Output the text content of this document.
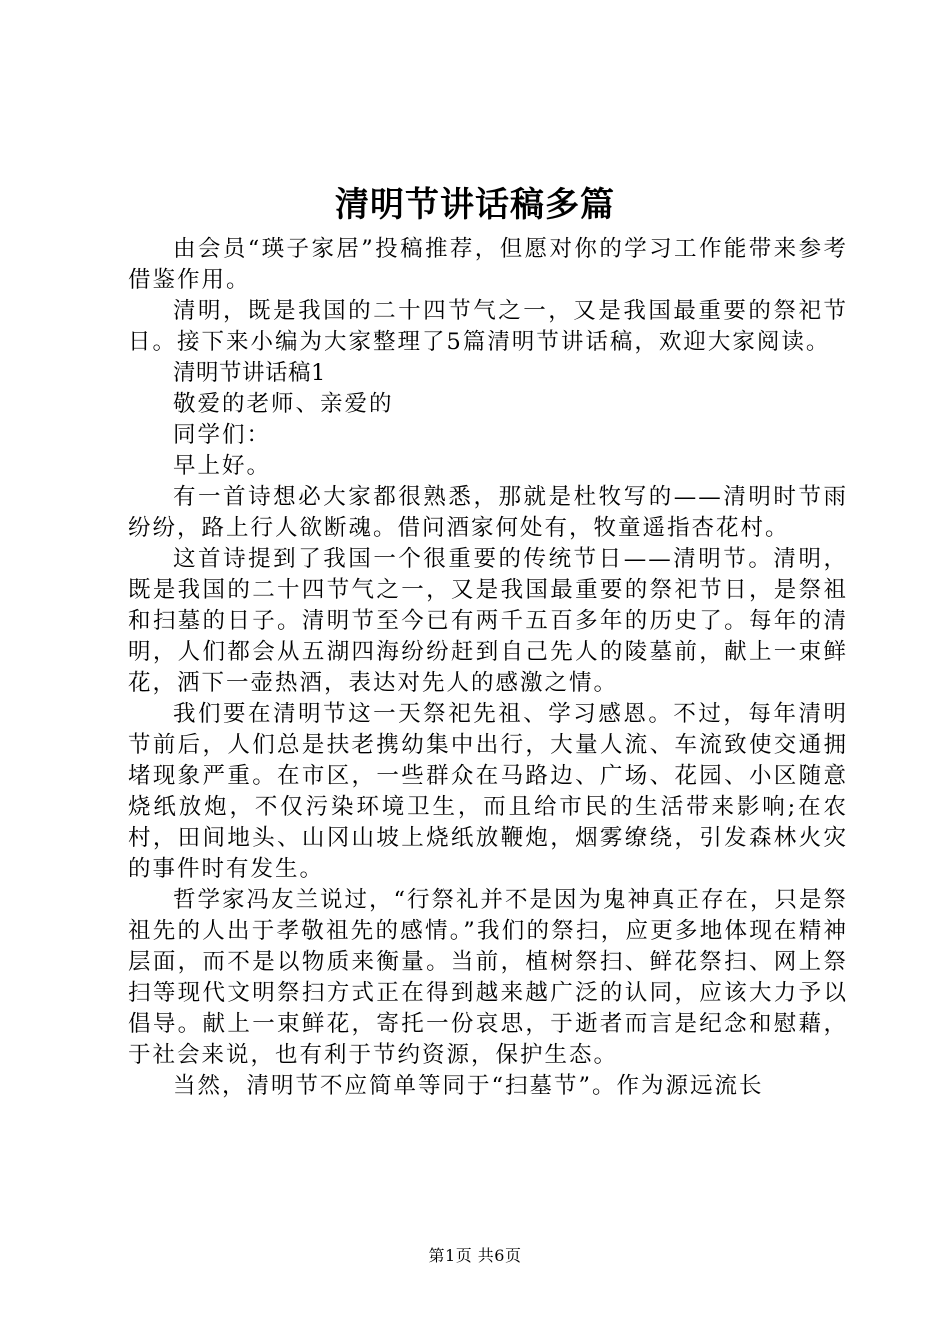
清明节讲话稿多篇

由会员“瑛子家居”投稿推荐，但愿对你的学习工作能带来参考借鉴作用。

清明，既是我国的二十四节气之一，又是我国最重要的祭祀节日。接下来小编为大家整理了5篇清明节讲话稿，欢迎大家阅读。

清明节讲话稿1

敬爱的老师、亲爱的

同学们：

早上好。

有一首诗想必大家都很熟悉，那就是杜牧写的——清明时节雨纷纷，路上行人欲断魂。借问酒家何处有，牧童遥指杏花村。

这首诗提到了我国一个很重要的传统节日——清明节。清明，既是我国的二十四节气之一，又是我国最重要的祭祀节日，是祭祖和扫墓的日子。清明节至今已有两千五百多年的历史了。每年的清明，人们都会从五湖四海纷纷赶到自己先人的陵墓前，献上一束鲜花，洒下一壶热酒，表达对先人的感激之情。

我们要在清明节这一天祭祀先祖、学习感恩。不过，每年清明节前后，人们总是扶老携幼集中出行，大量人流、车流致使交通拥堵现象严重。在市区，一些群众在马路边、广场、花园、小区随意烧纸放炮，不仅污染环境卫生，而且给市民的生活带来影响;在农村，田间地头、山冈山坡上烧纸放鞭炮，烟雾缭绕，引发森林火灾的事件时有发生。

哲学家冯友兰说过，“行祭礼并不是因为鬼神真正存在，只是祭祖先的人出于孝敬祖先的感情。”我们的祭扫，应更多地体现在精神层面，而不是以物质来衡量。当前，植树祭扫、鲜花祭扫、网上祭扫等现代文明祭扫方式正在得到越来越广泛的认同，应该大力予以倡导。献上一束鲜花，寄托一份哀思，于逝者而言是纪念和慰藉，于社会来说，也有利于节约资源，保护生态。

当然，清明节不应简单等同于“扫墓节”。作为源远流长

第1页 共6页
